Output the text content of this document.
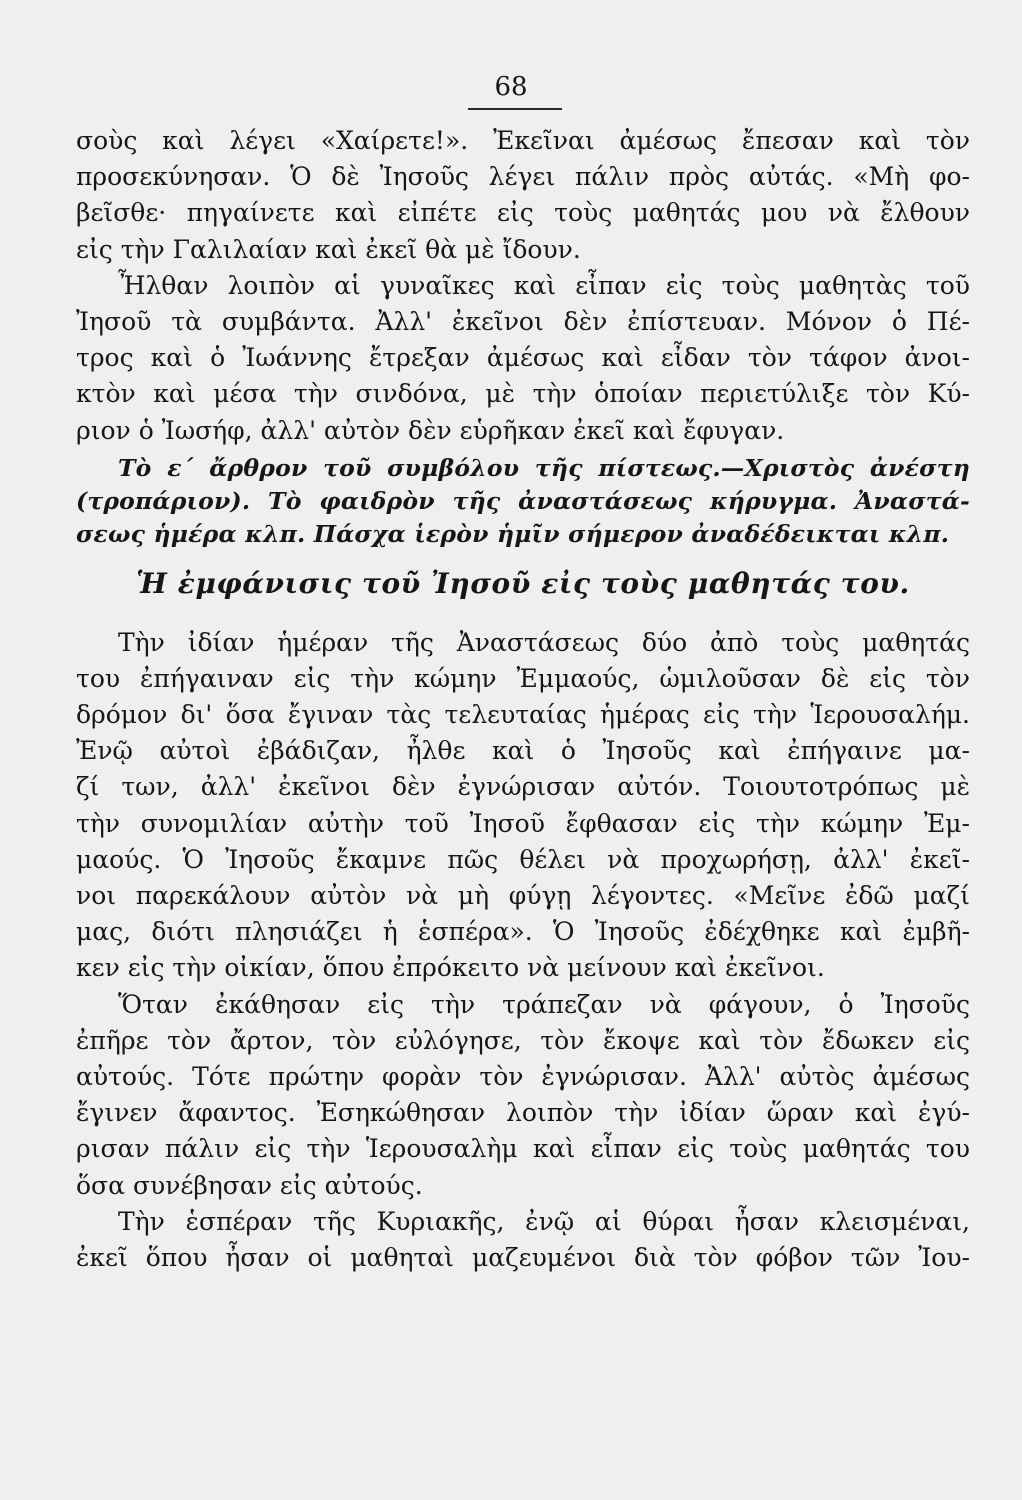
68
σοὺς καὶ λέγει «Χαίρετε!». Ἐκεῖναι ἀμέσως ἔπεσαν καὶ τὸν
προσεκύνησαν. Ὁ δὲ Ἰησοῦς λέγει πάλιν πρὸς αὐτάς. «Μὴ φο-
βεῖσθε· πηγαίνετε καὶ εἰπέτε εἰς τοὺς μαθητάς μου νὰ ἔλθουν
εἰς τὴν Γαλιλαίαν καὶ ἐκεῖ θὰ μὲ ἴδουν.
Ἦλθαν λοιπὸν αἱ γυναῖκες καὶ εἶπαν εἰς τοὺς μαθητὰς τοῦ
Ἰησοῦ τὰ συμβάντα. Ἀλλ' ἐκεῖνοι δὲν ἐπίστευαν. Μόνον ὁ Πέ-
τρος καὶ ὁ Ἰωάννης ἔτρεξαν ἀμέσως καὶ εἶδαν τὸν τάφον ἀνοι-
κτὸν καὶ μέσα τὴν σινδόνα, μὲ τὴν ὁποίαν περιετύλιξε τὸν Κύ-
ριον ὁ Ἰωσήφ, ἀλλ' αὐτὸν δὲν εὑρῆκαν ἐκεῖ καὶ ἔφυγαν.
Τὸ ε΄ ἄρθρον τοῦ συμβόλου τῆς πίστεως.—Χριστὸς ἀνέστη
(τροπάριον). Τὸ φαιδρὸν τῆς ἀναστάσεως κήρυγμα. Ἀναστά-
σεως ἡμέρα κλπ. Πάσχα ἱερὸν ἡμῖν σήμερον ἀναδέδεικται κλπ.
Ἡ ἐμφάνισις τοῦ Ἰησοῦ εἰς τοὺς μαθητάς του.
Τὴν ἰδίαν ἡμέραν τῆς Ἀναστάσεως δύο ἀπὸ τοὺς μαθητάς
του ἐπήγαιναν εἰς τὴν κώμην Ἐμμαούς, ὡμιλοῦσαν δὲ εἰς τὸν
δρόμον δι' ὅσα ἔγιναν τὰς τελευταίας ἡμέρας εἰς τὴν Ἱερουσαλήμ.
Ἐνῷ αὐτοὶ ἐβάδιζαν, ἦλθε καὶ ὁ Ἰησοῦς καὶ ἐπήγαινε μα-
ζί των, ἀλλ' ἐκεῖνοι δὲν ἐγνώρισαν αὐτόν. Τοιουτοτρόπως μὲ
τὴν συνομιλίαν αὐτὴν τοῦ Ἰησοῦ ἔφθασαν εἰς τὴν κώμην Ἐμ-
μαούς. Ὁ Ἰησοῦς ἔκαμνε πῶς θέλει νὰ προχωρήσῃ, ἀλλ' ἐκεῖ-
νοι παρεκάλουν αὐτὸν νὰ μὴ φύγῃ λέγοντες. «Μεῖνε ἐδῶ μαζί
μας, διότι πλησιάζει ἡ ἑσπέρα». Ὁ Ἰησοῦς ἐδέχθηκε καὶ ἐμβῆ-
κεν εἰς τὴν οἰκίαν, ὅπου ἐπρόκειτο νὰ μείνουν καὶ ἐκεῖνοι.
Ὅταν ἐκάθησαν εἰς τὴν τράπεζαν νὰ φάγουν, ὁ Ἰησοῦς
ἐπῆρε τὸν ἄρτον, τὸν εὐλόγησε, τὸν ἔκοψε καὶ τὸν ἔδωκεν εἰς
αὐτούς. Τότε πρώτην φορὰν τὸν ἐγνώρισαν. Ἀλλ' αὐτὸς ἀμέσως
ἔγινεν ἄφαντος. Ἐσηκώθησαν λοιπὸν τὴν ἰδίαν ὥραν καὶ ἐγύ-
ρισαν πάλιν εἰς τὴν Ἱερουσαλὴμ καὶ εἶπαν εἰς τοὺς μαθητάς του
ὅσα συνέβησαν εἰς αὐτούς.
Τὴν ἑσπέραν τῆς Κυριακῆς, ἐνῷ αἱ θύραι ἦσαν κλεισμέναι,
ἐκεῖ ὅπου ἦσαν οἱ μαθηταὶ μαζευμένοι διὰ τὸν φόβον τῶν Ἰου-
